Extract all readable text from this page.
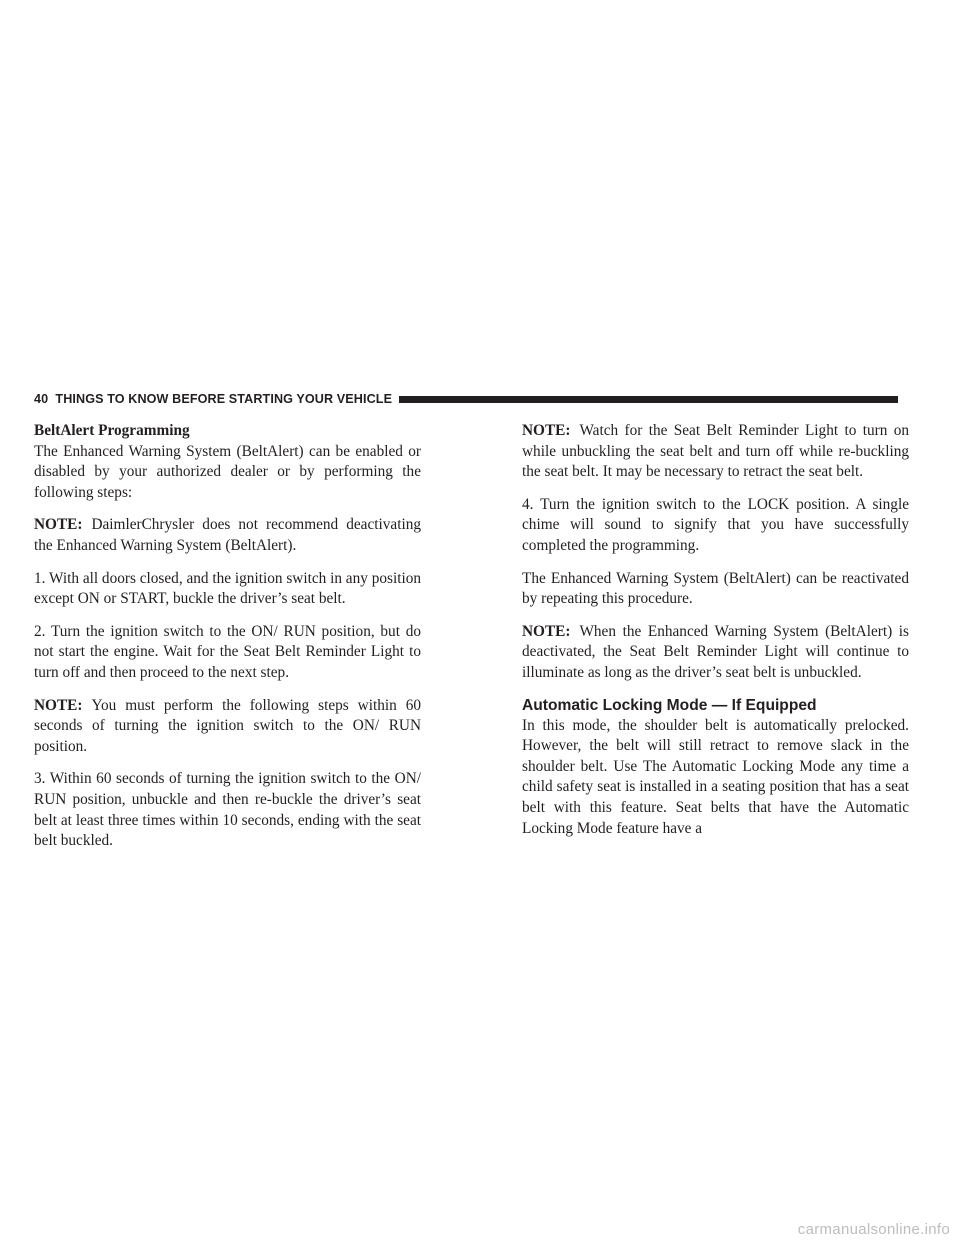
40 THINGS TO KNOW BEFORE STARTING YOUR VEHICLE
BeltAlert Programming

The Enhanced Warning System (BeltAlert) can be enabled or disabled by your authorized dealer or by performing the following steps:

NOTE: DaimlerChrysler does not recommend deactivating the Enhanced Warning System (BeltAlert).

1. With all doors closed, and the ignition switch in any position except ON or START, buckle the driver’s seat belt.

2. Turn the ignition switch to the ON/ RUN position, but do not start the engine. Wait for the Seat Belt Reminder Light to turn off and then proceed to the next step.

NOTE: You must perform the following steps within 60 seconds of turning the ignition switch to the ON/ RUN position.

3. Within 60 seconds of turning the ignition switch to the ON/ RUN position, unbuckle and then re-buckle the driver’s seat belt at least three times within 10 seconds, ending with the seat belt buckled.

NOTE: Watch for the Seat Belt Reminder Light to turn on while unbuckling the seat belt and turn off while re-buckling the seat belt. It may be necessary to retract the seat belt.

4. Turn the ignition switch to the LOCK position. A single chime will sound to signify that you have successfully completed the programming.

The Enhanced Warning System (BeltAlert) can be reactivated by repeating this procedure.

NOTE: When the Enhanced Warning System (BeltAlert) is deactivated, the Seat Belt Reminder Light will continue to illuminate as long as the driver’s seat belt is unbuckled.

Automatic Locking Mode — If Equipped

In this mode, the shoulder belt is automatically prelocked. However, the belt will still retract to remove slack in the shoulder belt. Use The Automatic Locking Mode any time a child safety seat is installed in a seating position that has a seat belt with this feature. Seat belts that have the Automatic Locking Mode feature have a

carmanualsonline.info
